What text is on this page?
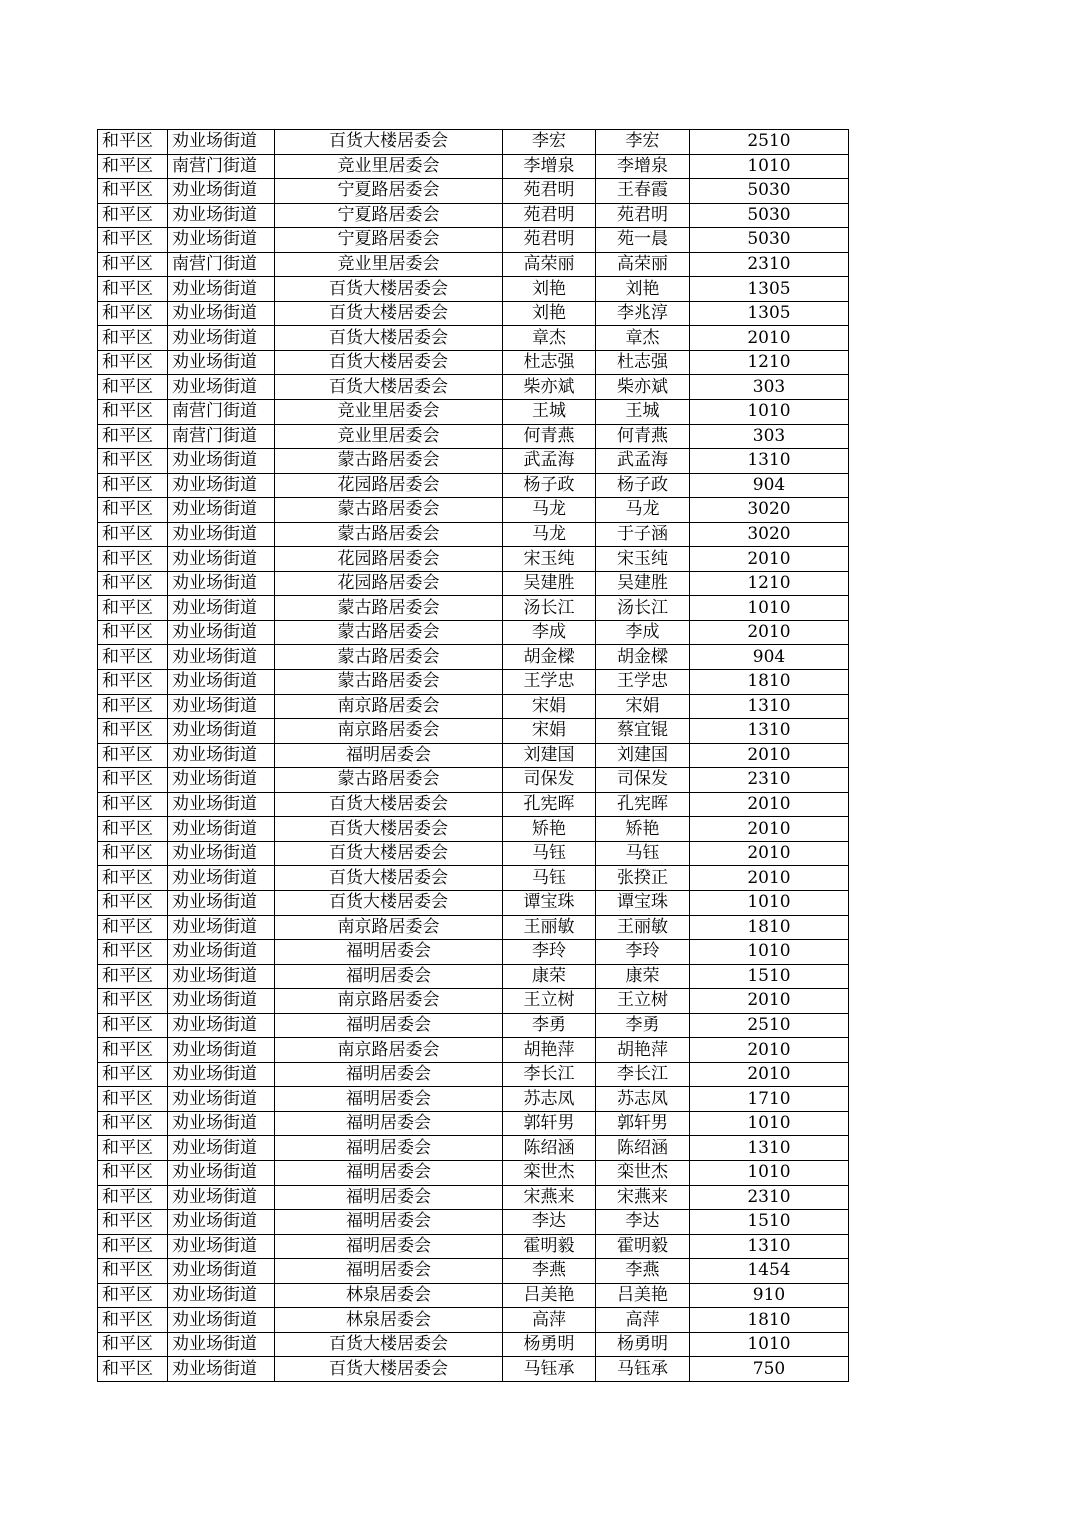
和平区	劝业场街道	百货大楼居委会	李宏	李宏	2510
和平区	南营门街道	竞业里居委会	李增泉	李增泉	1010
和平区	劝业场街道	宁夏路居委会	苑君明	王春霞	5030
和平区	劝业场街道	宁夏路居委会	苑君明	苑君明	5030
和平区	劝业场街道	宁夏路居委会	苑君明	苑一晨	5030
和平区	南营门街道	竞业里居委会	高荣丽	高荣丽	2310
和平区	劝业场街道	百货大楼居委会	刘艳	刘艳	1305
和平区	劝业场街道	百货大楼居委会	刘艳	李兆淳	1305
和平区	劝业场街道	百货大楼居委会	章杰	章杰	2010
和平区	劝业场街道	百货大楼居委会	杜志强	杜志强	1210
和平区	劝业场街道	百货大楼居委会	柴亦斌	柴亦斌	303
和平区	南营门街道	竞业里居委会	王城	王城	1010
和平区	南营门街道	竞业里居委会	何青燕	何青燕	303
和平区	劝业场街道	蒙古路居委会	武孟海	武孟海	1310
和平区	劝业场街道	花园路居委会	杨子政	杨子政	904
和平区	劝业场街道	蒙古路居委会	马龙	马龙	3020
和平区	劝业场街道	蒙古路居委会	马龙	于子涵	3020
和平区	劝业场街道	花园路居委会	宋玉纯	宋玉纯	2010
和平区	劝业场街道	花园路居委会	吴建胜	吴建胜	1210
和平区	劝业场街道	蒙古路居委会	汤长江	汤长江	1010
和平区	劝业场街道	蒙古路居委会	李成	李成	2010
和平区	劝业场街道	蒙古路居委会	胡金樑	胡金樑	904
和平区	劝业场街道	蒙古路居委会	王学忠	王学忠	1810
和平区	劝业场街道	南京路居委会	宋娟	宋娟	1310
和平区	劝业场街道	南京路居委会	宋娟	蔡宜锟	1310
和平区	劝业场街道	福明居委会	刘建国	刘建国	2010
和平区	劝业场街道	蒙古路居委会	司保发	司保发	2310
和平区	劝业场街道	百货大楼居委会	孔宪晖	孔宪晖	2010
和平区	劝业场街道	百货大楼居委会	矫艳	矫艳	2010
和平区	劝业场街道	百货大楼居委会	马钰	马钰	2010
和平区	劝业场街道	百货大楼居委会	马钰	张揆正	2010
和平区	劝业场街道	百货大楼居委会	谭宝珠	谭宝珠	1010
和平区	劝业场街道	南京路居委会	王丽敏	王丽敏	1810
和平区	劝业场街道	福明居委会	李玲	李玲	1010
和平区	劝业场街道	福明居委会	康荣	康荣	1510
和平区	劝业场街道	南京路居委会	王立树	王立树	2010
和平区	劝业场街道	福明居委会	李勇	李勇	2510
和平区	劝业场街道	南京路居委会	胡艳萍	胡艳萍	2010
和平区	劝业场街道	福明居委会	李长江	李长江	2010
和平区	劝业场街道	福明居委会	苏志凤	苏志凤	1710
和平区	劝业场街道	福明居委会	郭轩男	郭轩男	1010
和平区	劝业场街道	福明居委会	陈绍涵	陈绍涵	1310
和平区	劝业场街道	福明居委会	栾世杰	栾世杰	1010
和平区	劝业场街道	福明居委会	宋燕来	宋燕来	2310
和平区	劝业场街道	福明居委会	李达	李达	1510
和平区	劝业场街道	福明居委会	霍明毅	霍明毅	1310
和平区	劝业场街道	福明居委会	李燕	李燕	1454
和平区	劝业场街道	林泉居委会	吕美艳	吕美艳	910
和平区	劝业场街道	林泉居委会	高萍	高萍	1810
和平区	劝业场街道	百货大楼居委会	杨勇明	杨勇明	1010
和平区	劝业场街道	百货大楼居委会	马钰承	马钰承	750
